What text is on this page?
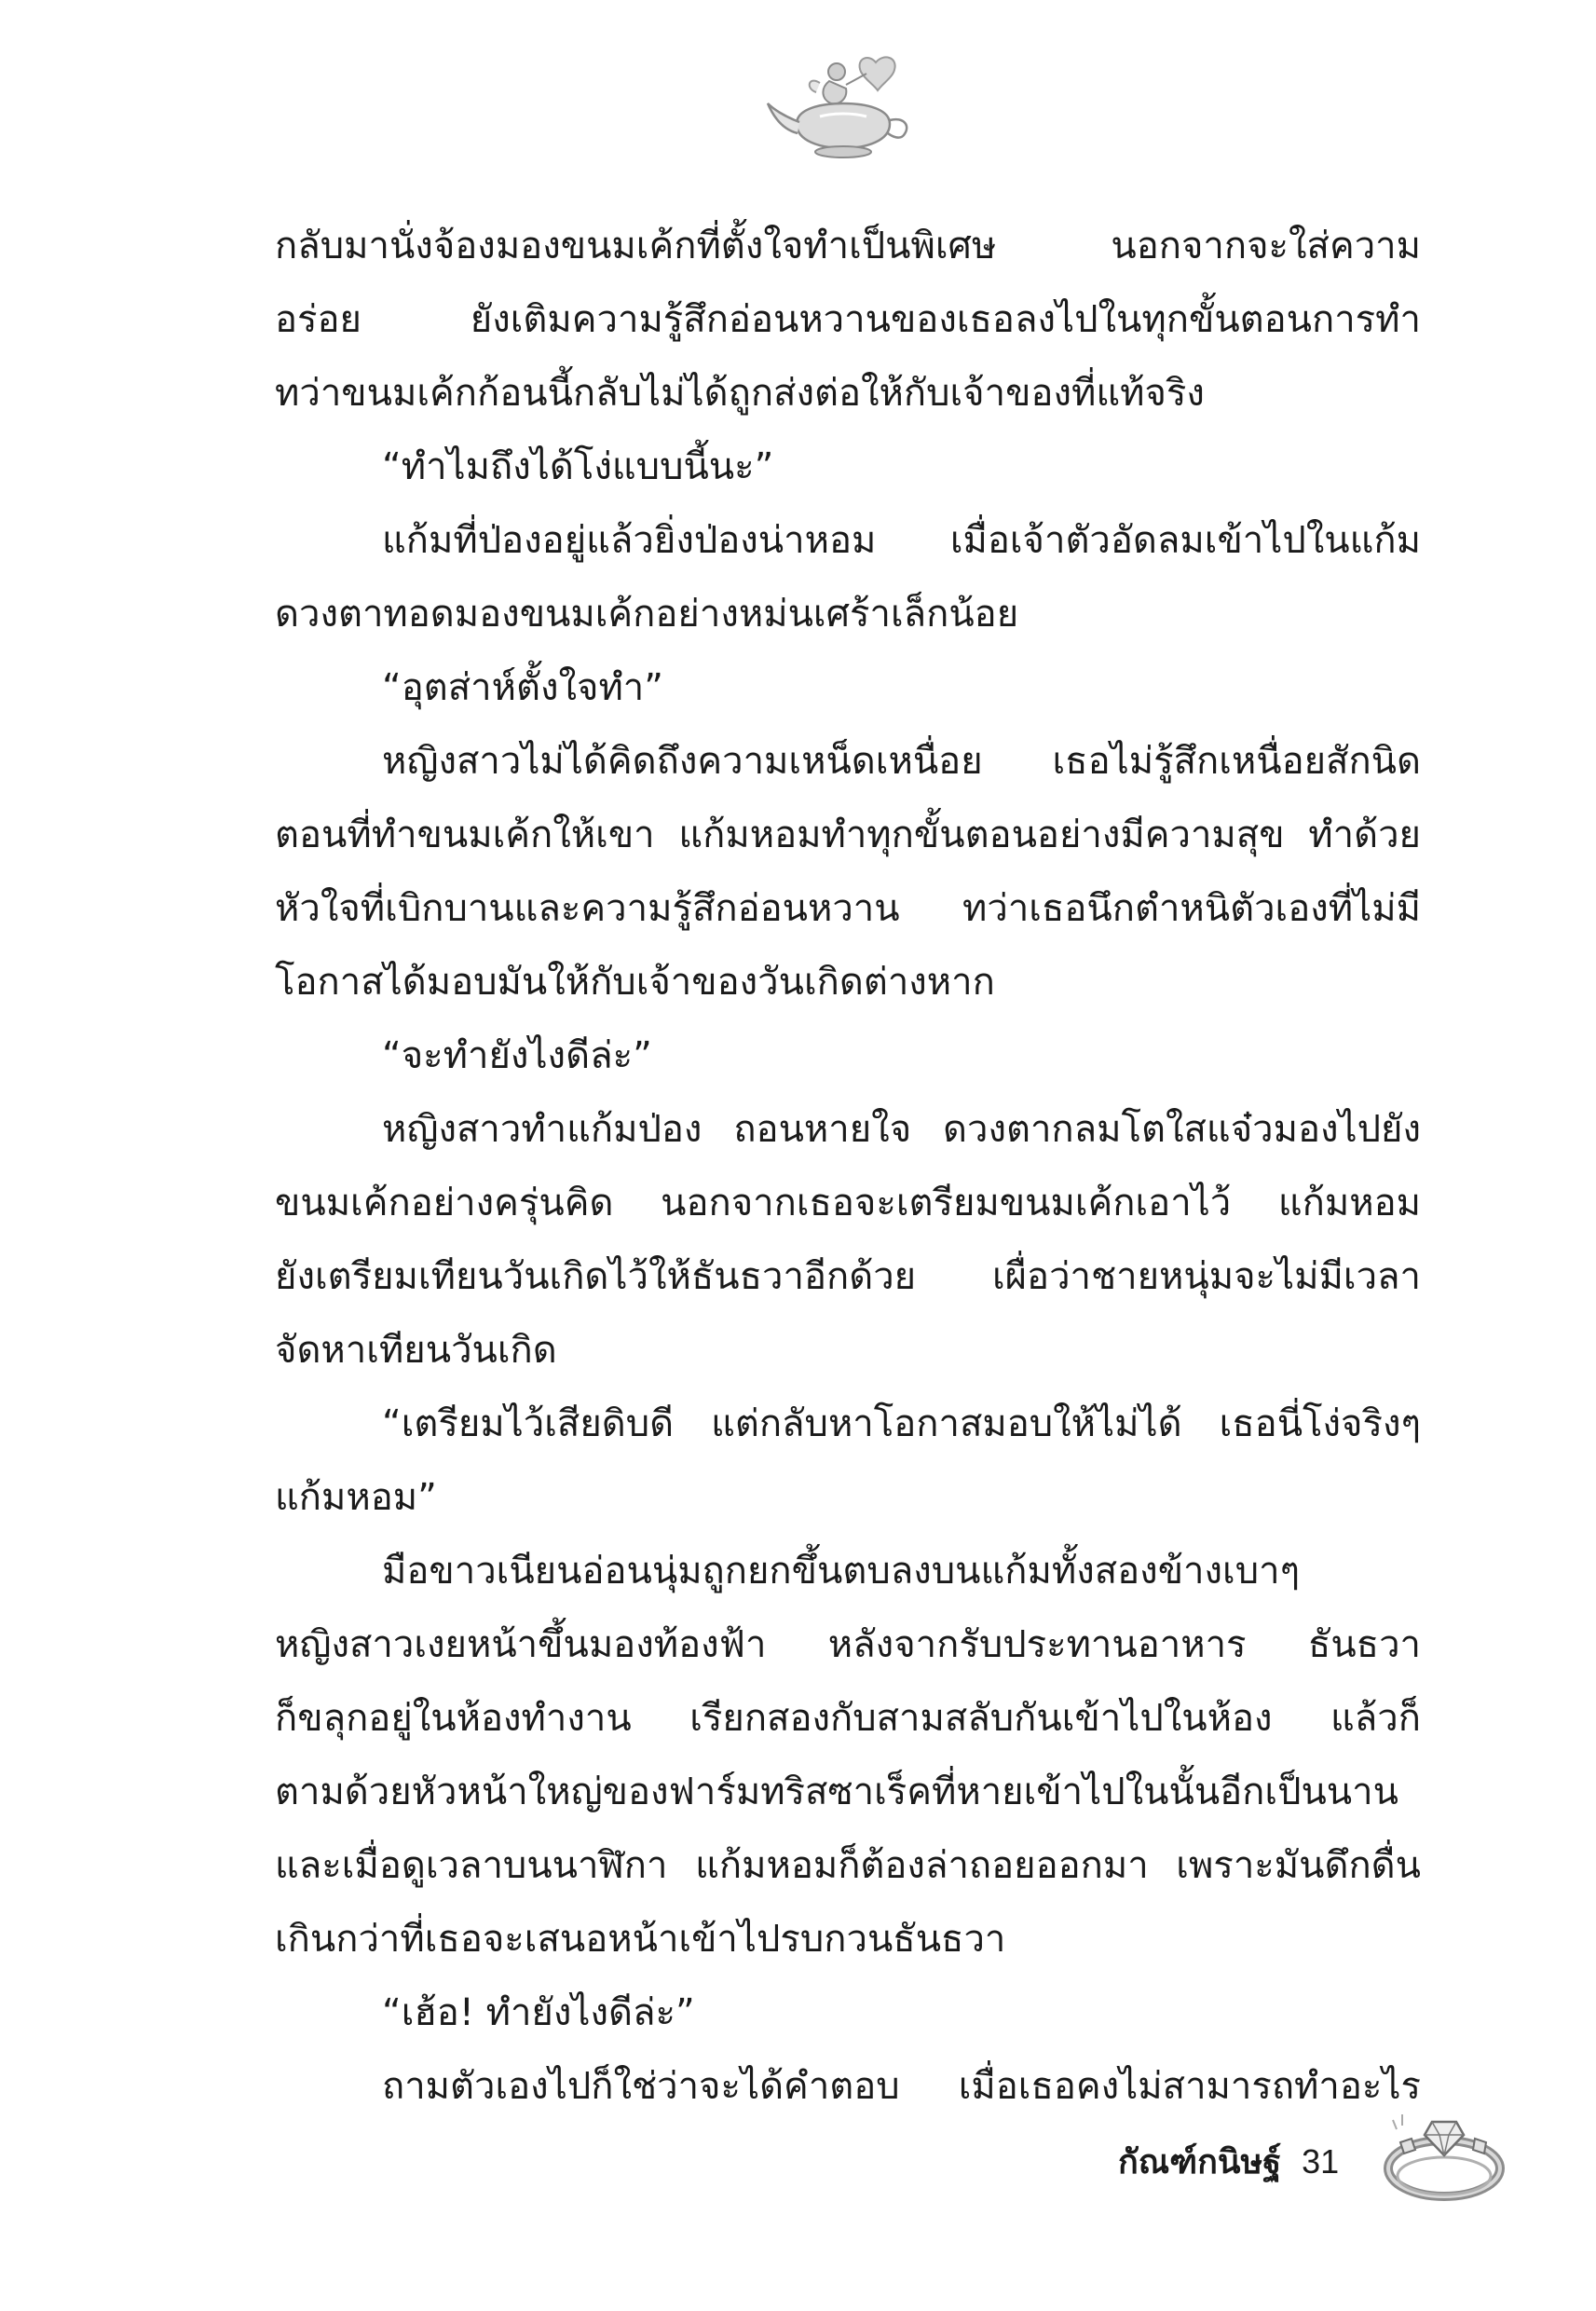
กลับมานั่งจ้องมองขนมเค้กที่ตั้งใจทำเป็นพิเศษ นอกจากจะใส่ความ
อร่อย ยังเติมความรู้สึกอ่อนหวานของเธอลงไปในทุกขั้นตอนการทำ
ทว่าขนมเค้กก้อนนี้กลับไม่ได้ถูกส่งต่อให้กับเจ้าของที่แท้จริง
“ทำไมถึงได้โง่แบบนี้นะ”
แก้มที่ป่องอยู่แล้วยิ่งป่องน่าหอม เมื่อเจ้าตัวอัดลมเข้าไปในแก้ม
ดวงตาทอดมองขนมเค้กอย่างหม่นเศร้าเล็กน้อย
“อุตส่าห์ตั้งใจทำ”
หญิงสาวไม่ได้คิดถึงความเหน็ดเหนื่อย เธอไม่รู้สึกเหนื่อยสักนิด
ตอนที่ทำขนมเค้กให้เขา แก้มหอมทำทุกขั้นตอนอย่างมีความสุข ทำด้วย
หัวใจที่เบิกบานและความรู้สึกอ่อนหวาน ทว่าเธอนึกตำหนิตัวเองที่ไม่มี
โอกาสได้มอบมันให้กับเจ้าของวันเกิดต่างหาก
“จะทำยังไงดีล่ะ”
หญิงสาวทำแก้มป่อง ถอนหายใจ ดวงตากลมโตใสแจ๋วมองไปยัง
ขนมเค้กอย่างครุ่นคิด นอกจากเธอจะเตรียมขนมเค้กเอาไว้ แก้มหอม
ยังเตรียมเทียนวันเกิดไว้ให้ธันธวาอีกด้วย เผื่อว่าชายหนุ่มจะไม่มีเวลา
จัดหาเทียนวันเกิด
“เตรียมไว้เสียดิบดี แต่กลับหาโอกาสมอบให้ไม่ได้ เธอนี่โง่จริงๆ
แก้มหอม”
มือขาวเนียนอ่อนนุ่มถูกยกขึ้นตบลงบนแก้มทั้งสองข้างเบาๆ
หญิงสาวเงยหน้าขึ้นมองท้องฟ้า หลังจากรับประทานอาหาร ธันธวา
ก็ขลุกอยู่ในห้องทำงาน เรียกสองกับสามสลับกันเข้าไปในห้อง แล้วก็
ตามด้วยหัวหน้าใหญ่ของฟาร์มทริสซาเร็คที่หายเข้าไปในนั้นอีกเป็นนาน
และเมื่อดูเวลาบนนาฬิกา แก้มหอมก็ต้องล่าถอยออกมา เพราะมันดึกดื่น
เกินกว่าที่เธอจะเสนอหน้าเข้าไปรบกวนธันธวา
“เฮ้อ! ทำยังไงดีล่ะ”
ถามตัวเองไปก็ใช่ว่าจะได้คำตอบ เมื่อเธอคงไม่สามารถทำอะไร
กัณฑ์กนิษฐ์ 31
